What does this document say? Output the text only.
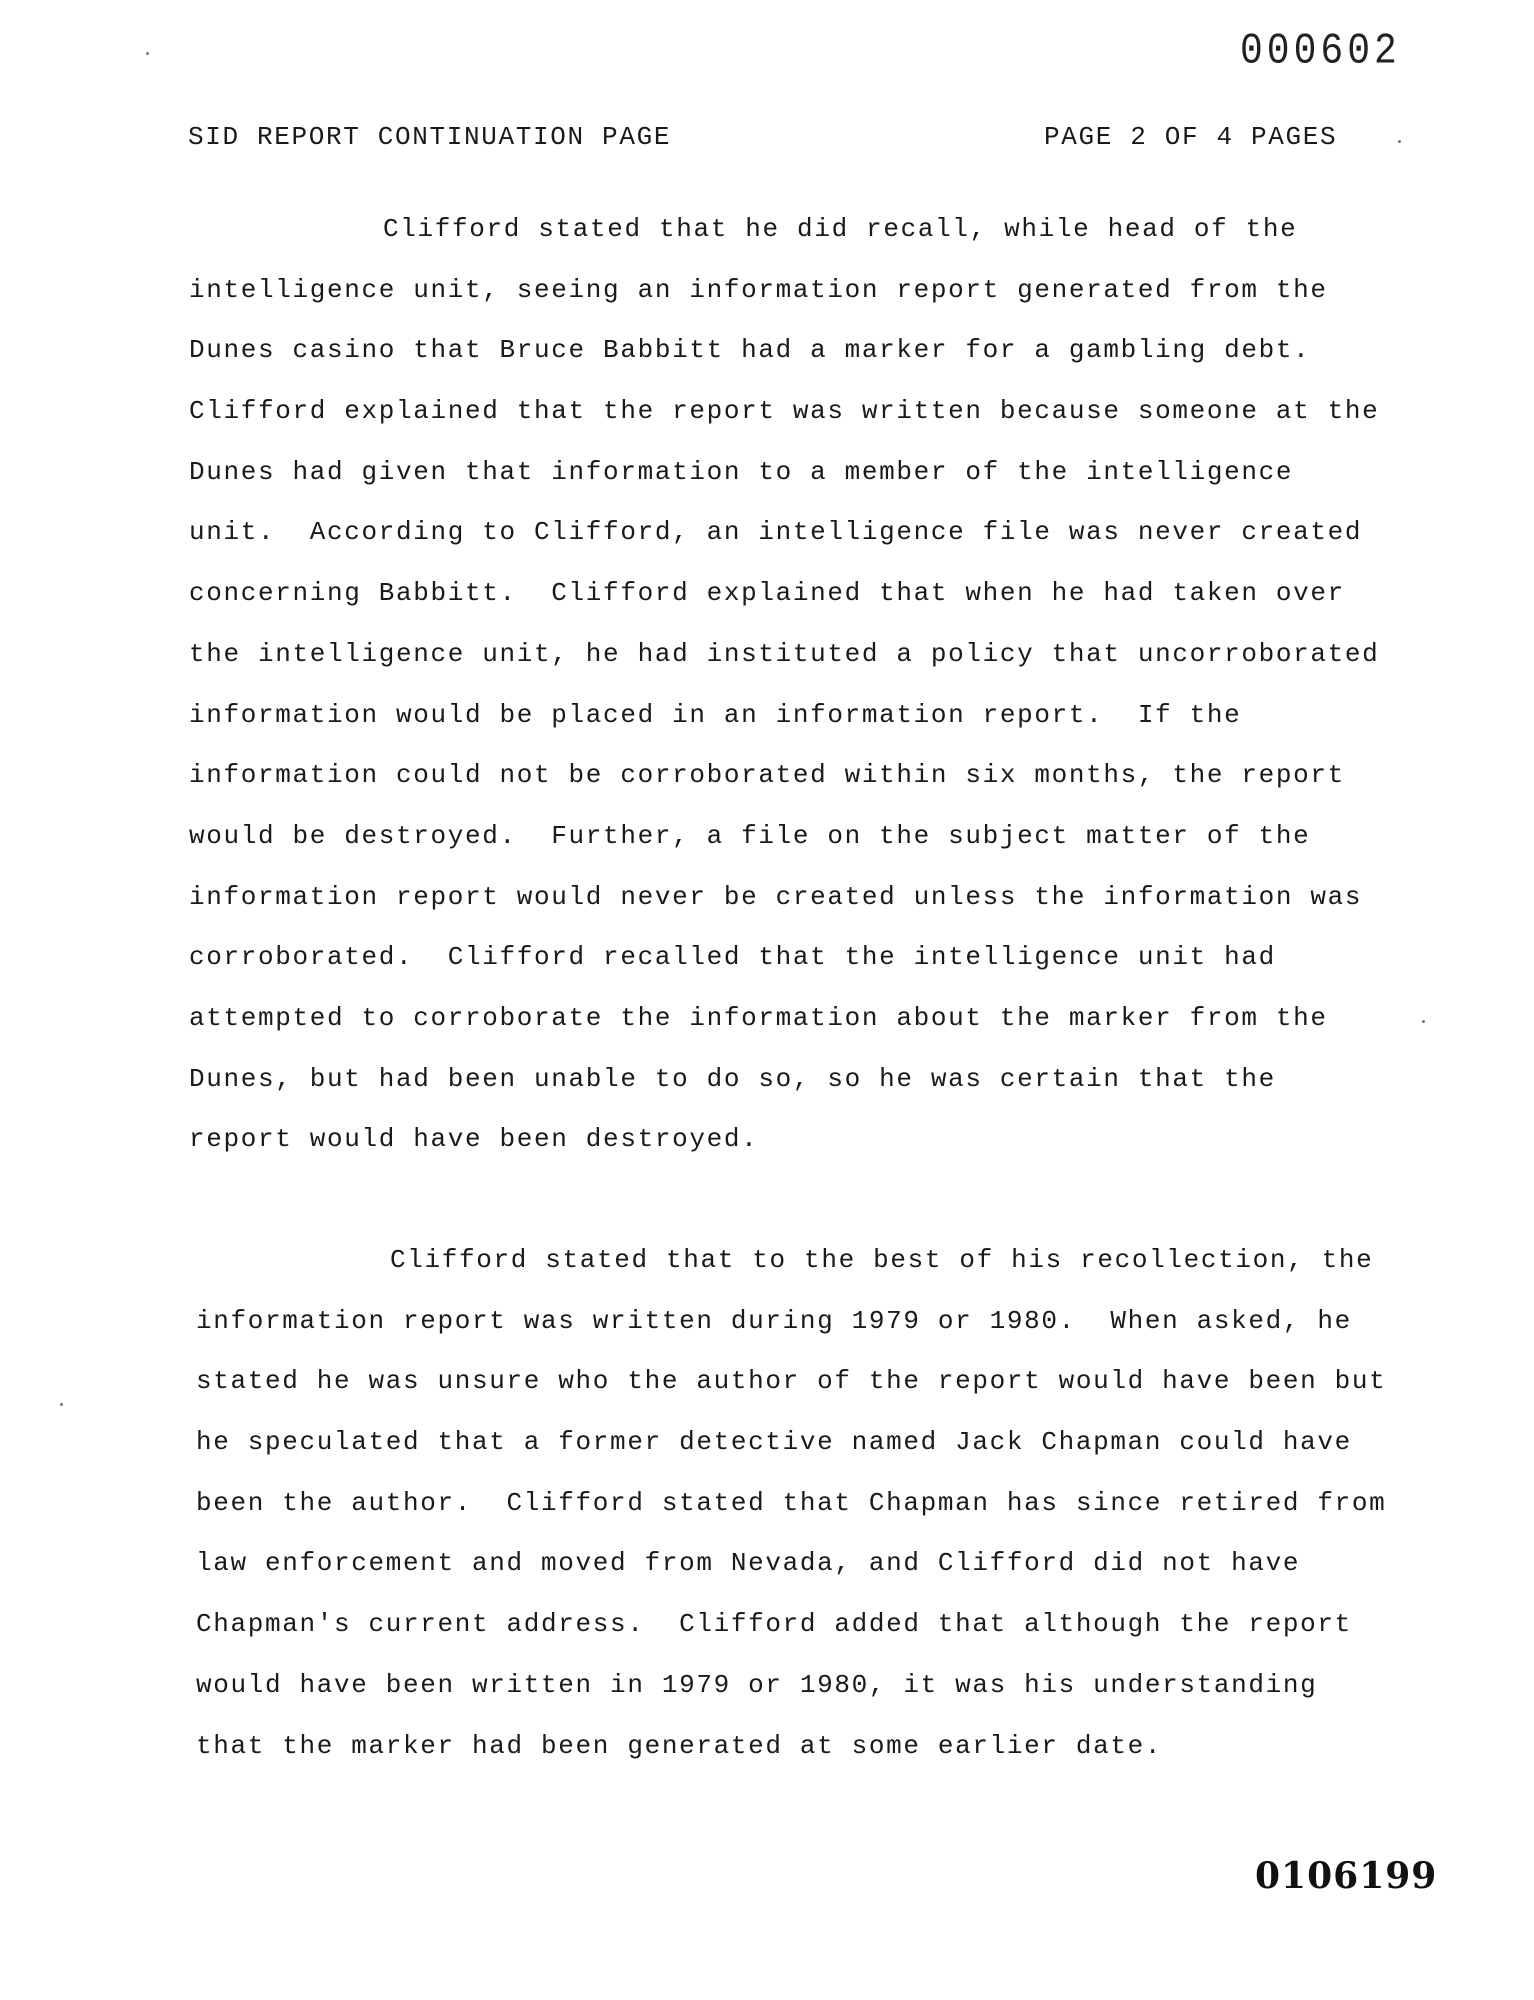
000602
SID REPORT CONTINUATION PAGE	PAGE 2 OF 4 PAGES
Clifford stated that he did recall, while head of the
intelligence unit, seeing an information report generated from the
Dunes casino that Bruce Babbitt had a marker for a gambling debt.
Clifford explained that the report was written because someone at the
Dunes had given that information to a member of the intelligence
unit.  According to Clifford, an intelligence file was never created
concerning Babbitt.  Clifford explained that when he had taken over
the intelligence unit, he had instituted a policy that uncorroborated
information would be placed in an information report.  If the
information could not be corroborated within six months, the report
would be destroyed.  Further, a file on the subject matter of the
information report would never be created unless the information was
corroborated.  Clifford recalled that the intelligence unit had
attempted to corroborate the information about the marker from the
Dunes, but had been unable to do so, so he was certain that the
report would have been destroyed.
Clifford stated that to the best of his recollection, the
information report was written during 1979 or 1980.  When asked, he
stated he was unsure who the author of the report would have been but
he speculated that a former detective named Jack Chapman could have
been the author.  Clifford stated that Chapman has since retired from
law enforcement and moved from Nevada, and Clifford did not have
Chapman's current address.  Clifford added that although the report
would have been written in 1979 or 1980, it was his understanding
that the marker had been generated at some earlier date.
0106199
